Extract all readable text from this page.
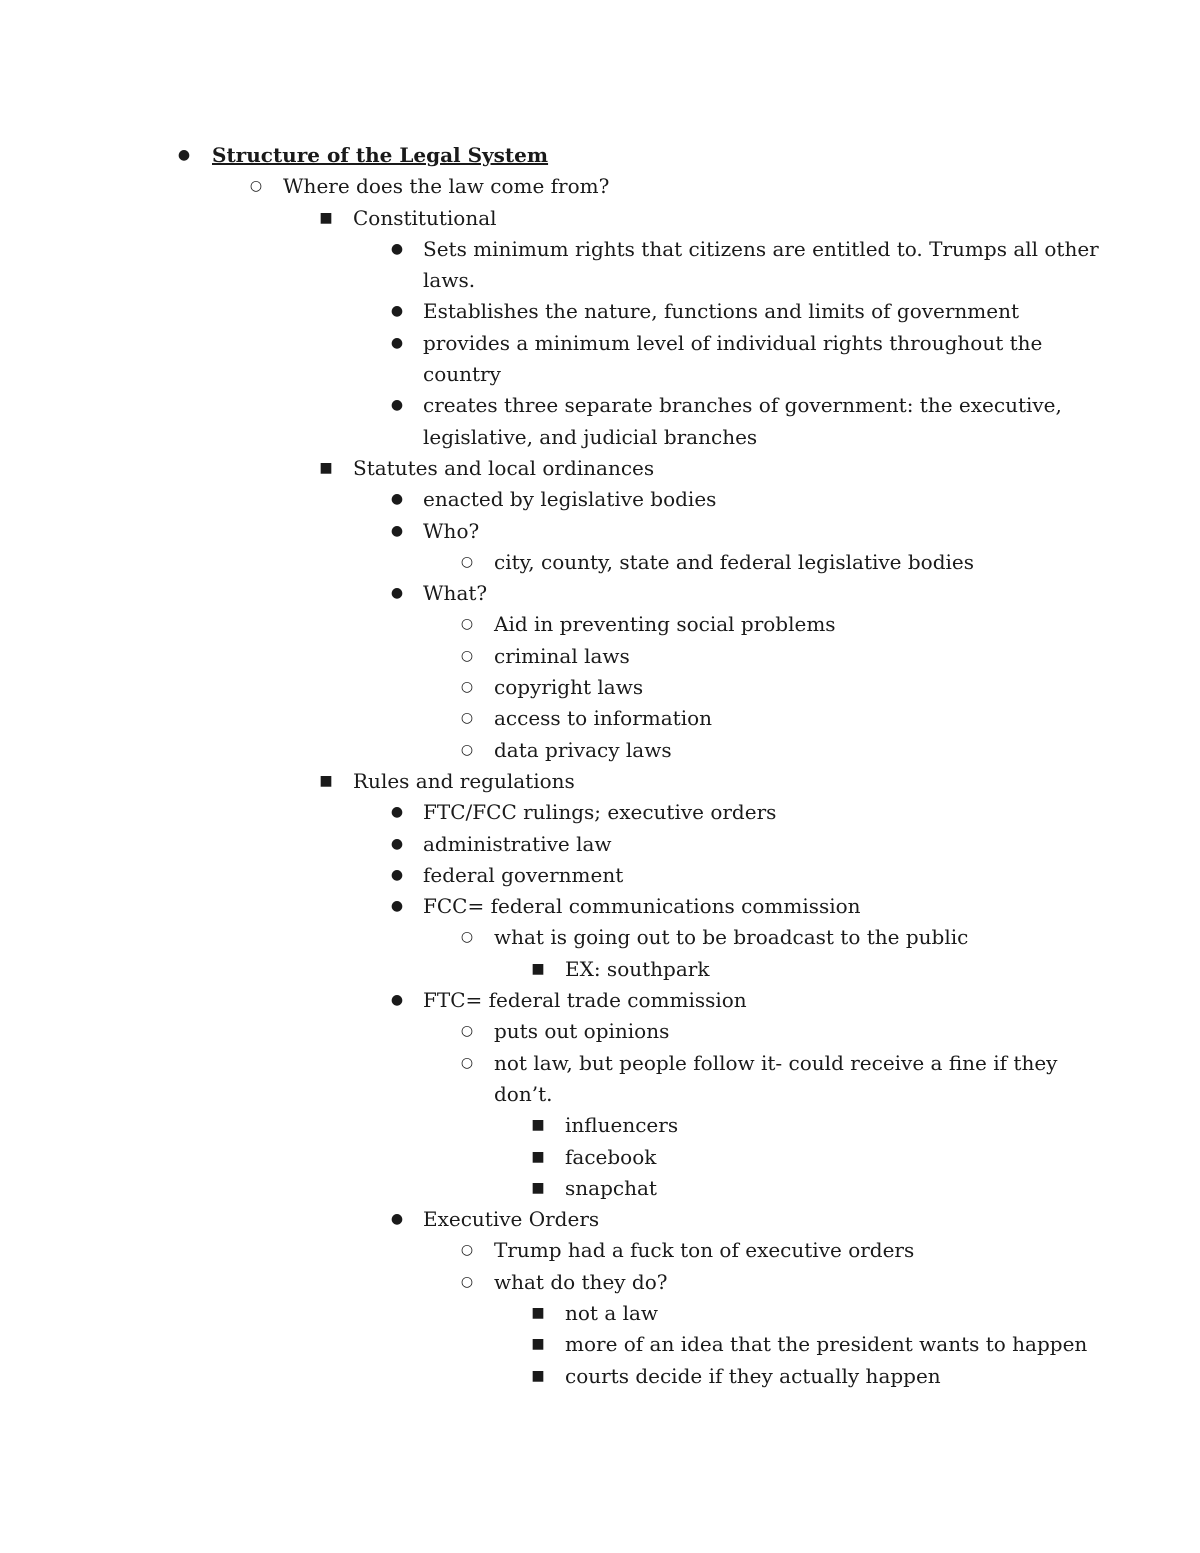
● Structure of the Legal System
○ Where does the law come from?
■ Constitutional
● Sets minimum rights that citizens are entitled to. Trumps all other
laws.
● Establishes the nature, functions and limits of government
● provides a minimum level of individual rights throughout the
country
● creates three separate branches of government: the executive,
legislative, and judicial branches
■ Statutes and local ordinances
● enacted by legislative bodies
● Who?
○ city, county, state and federal legislative bodies
● What?
○ Aid in preventing social problems
○ criminal laws
○ copyright laws
○ access to information
○ data privacy laws
■ Rules and regulations
● FTC/FCC rulings; executive orders
● administrative law
● federal government
● FCC= federal communications commission
○ what is going out to be broadcast to the public
■ EX: southpark
● FTC= federal trade commission
○ puts out opinions
○ not law, but people follow it- could receive a fine if they
don’t.
■ influencers
■ facebook
■ snapchat
● Executive Orders
○ Trump had a fuck ton of executive orders
○ what do they do?
■ not a law
■ more of an idea that the president wants to happen
■ courts decide if they actually happen
